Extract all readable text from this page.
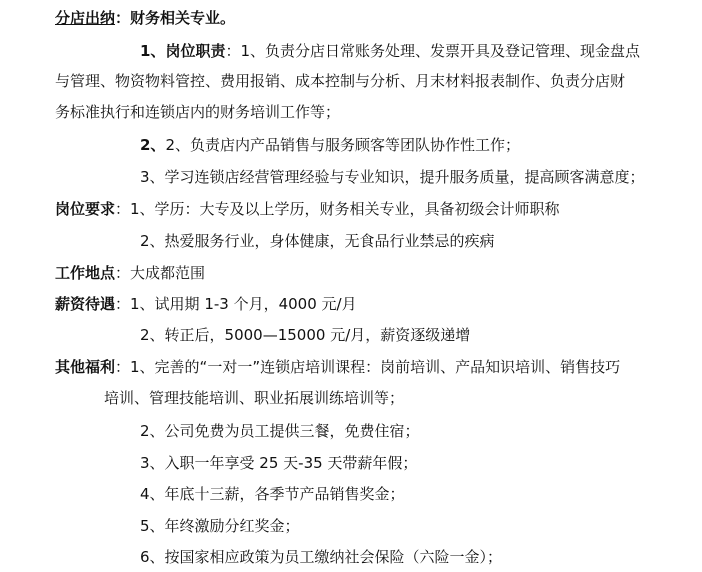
分店出纳：财务相关专业。
1、岗位职责：1、负责分店日常账务处理、发票开具及登记管理、现金盘点
与管理、物资物料管控、费用报销、成本控制与分析、月末材料报表制作、负责分店财
务标准执行和连锁店内的财务培训工作等；
2、2、负责店内产品销售与服务顾客等团队协作性工作；
3、学习连锁店经营管理经验与专业知识，提升服务质量，提高顾客满意度；
岗位要求：1、学历：大专及以上学历，财务相关专业，具备初级会计师职称
2、热爱服务行业，身体健康，无食品行业禁忌的疾病
工作地点：大成都范围
薪资待遇：1、试用期 1-3 个月，4000 元/月
2、转正后，5000—15000 元/月，薪资逐级递增
其他福利：1、完善的“一对一”连锁店培训课程：岗前培训、产品知识培训、销售技巧
培训、管理技能培训、职业拓展训练培训等；
2、公司免费为员工提供三餐，免费住宿；
3、入职一年享受 25 天-35 天带薪年假；
4、年底十三薪，各季节产品销售奖金；
5、年终激励分红奖金；
6、按国家相应政策为员工缴纳社会保险（六险一金）；
